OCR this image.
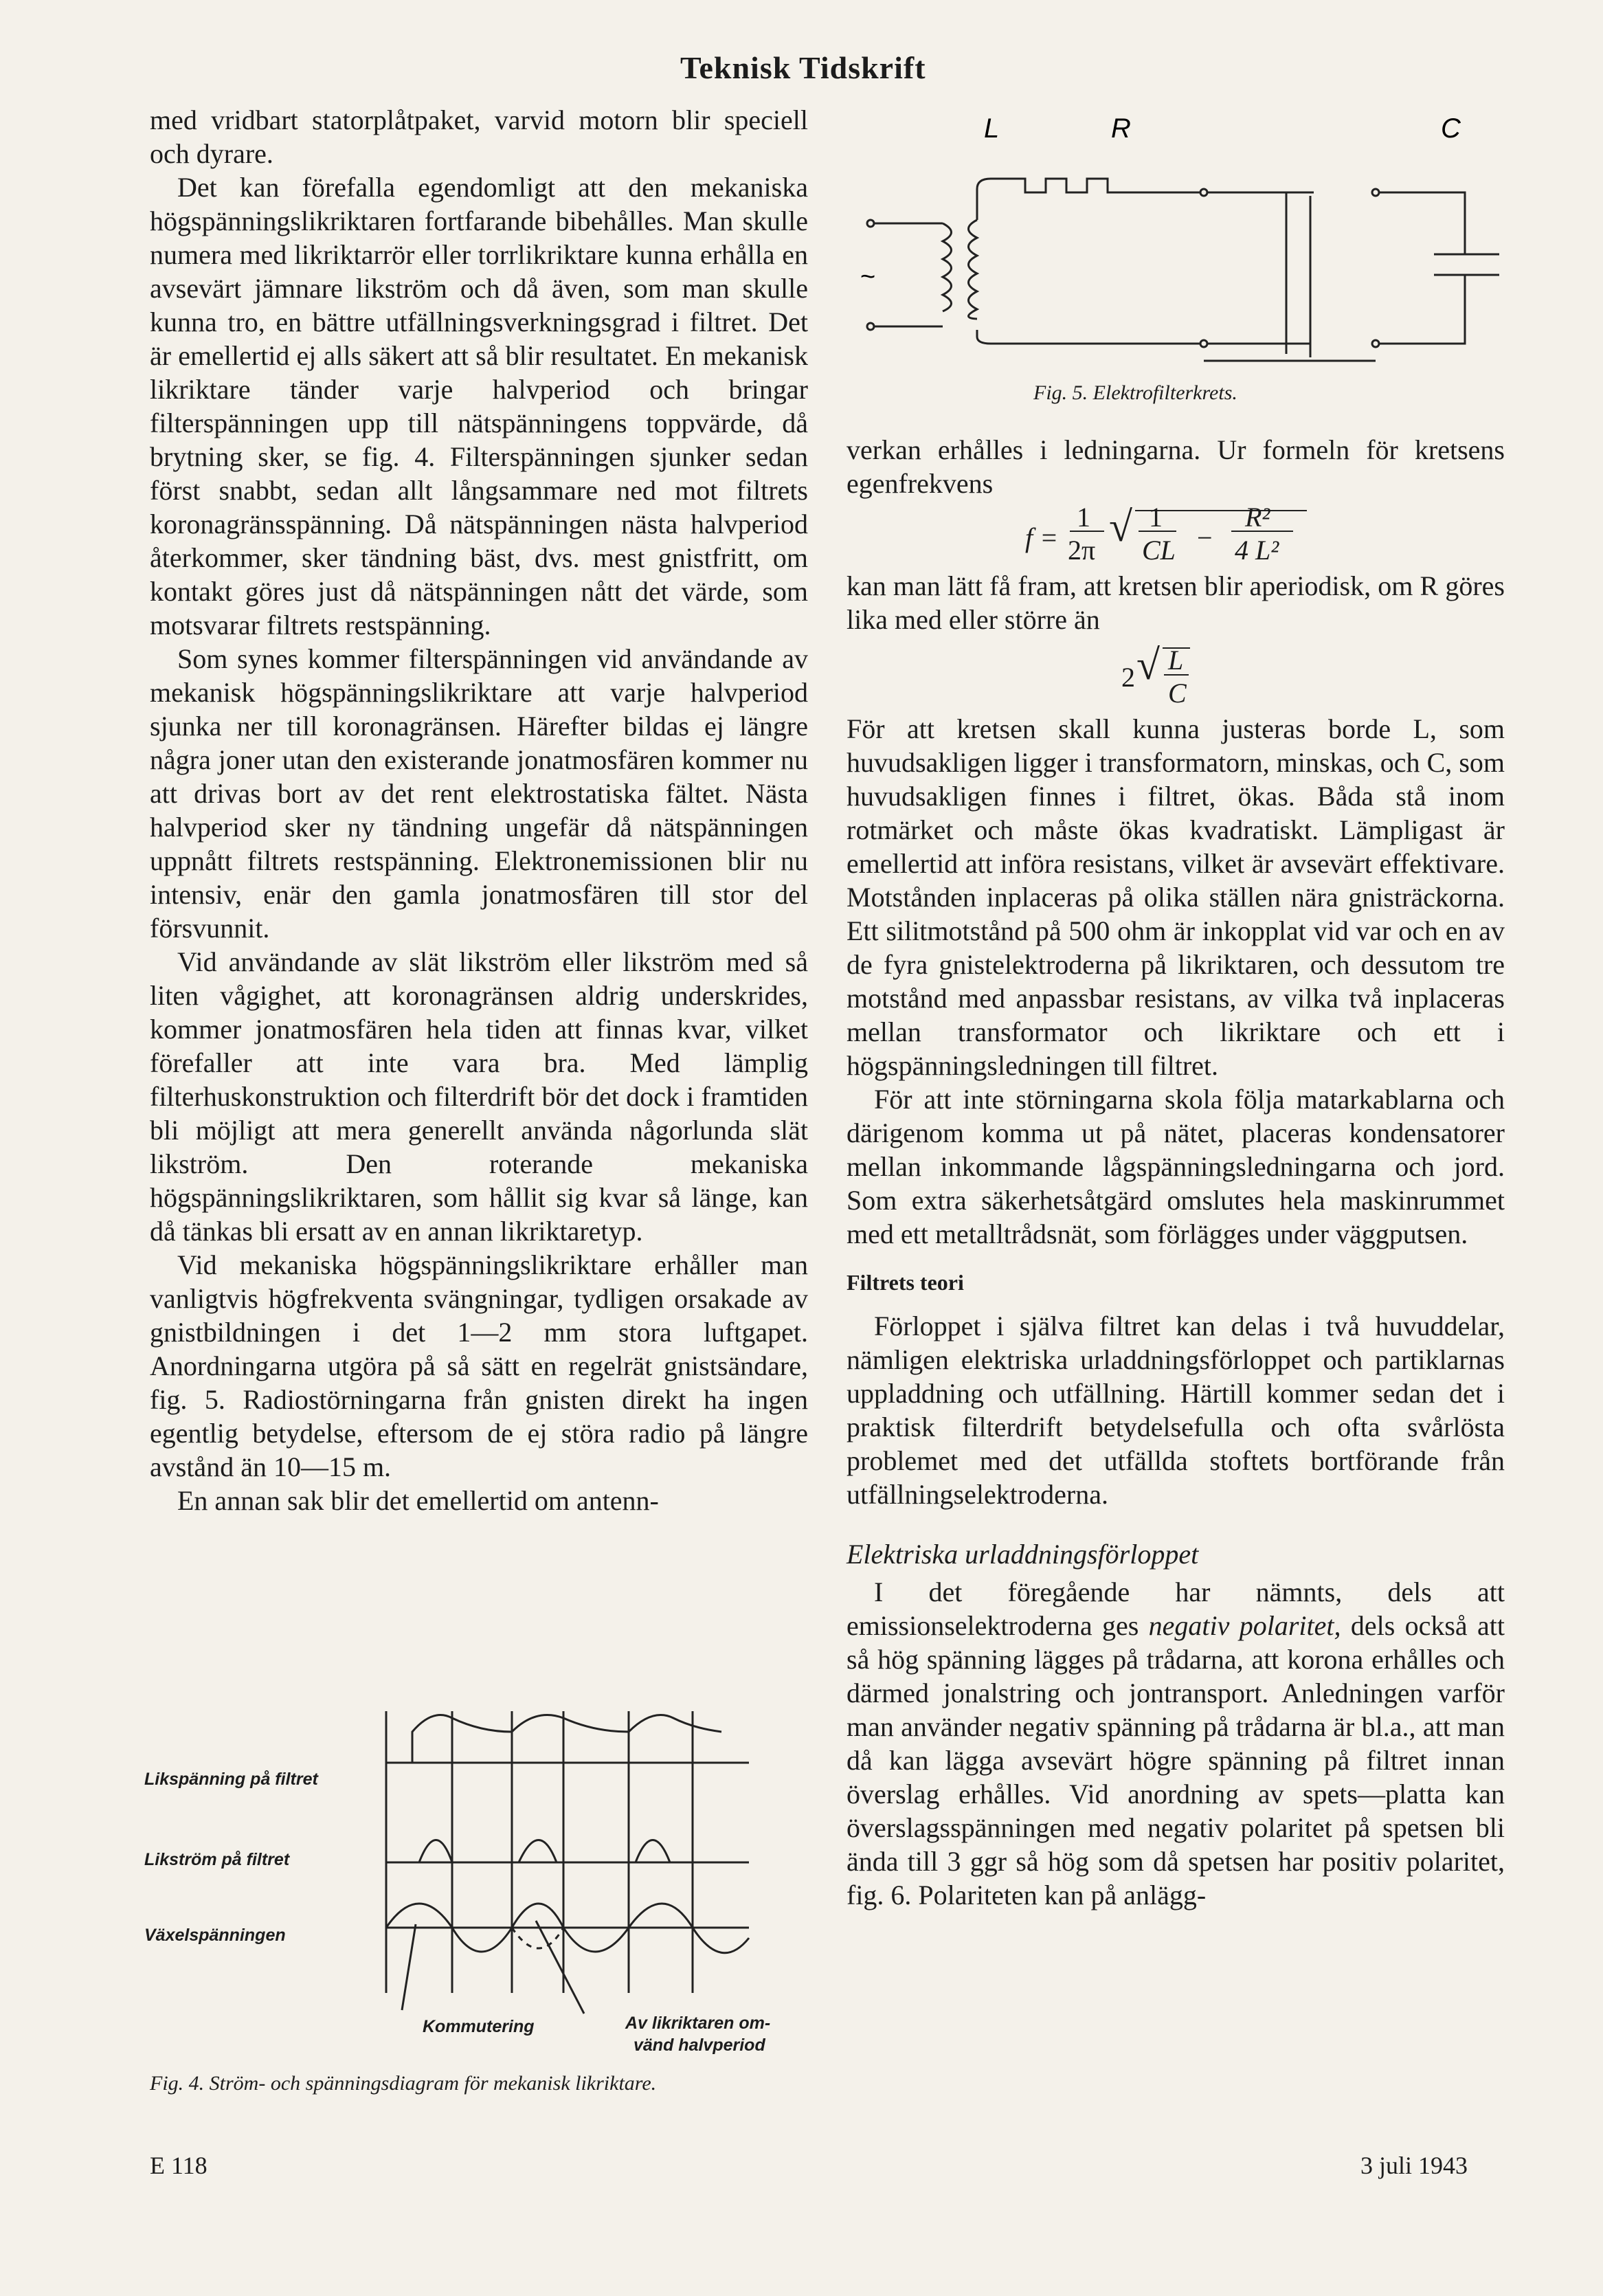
Teknisk Tidskrift

med vridbart statorplåtpaket, varvid motorn blir speciell och dyrare.

Det kan förefalla egendomligt att den mekaniska högspänningslikriktaren fortfarande bibehålles. Man skulle numera med likriktarrör eller torrlikriktare kunna erhålla en avsevärt jämnare likström och då även, som man skulle kunna tro, en bättre utfällningsverkningsgrad i filtret. Det är emellertid ej alls säkert att så blir resultatet. En mekanisk likriktare tänder varje halvperiod och bringar filterspänningen upp till nätspänningens toppvärde, då brytning sker, se fig. 4. Filterspänningen sjunker sedan först snabbt, sedan allt långsammare ned mot filtrets koronagränsspänning. Då nätspänningen nästa halvperiod återkommer, sker tändning bäst, dvs. mest gnistfritt, om kontakt göres just då nätspänningen nått det värde, som motsvarar filtrets restspänning.

Som synes kommer filterspänningen vid användande av mekanisk högspänningslikriktare att varje halvperiod sjunka ner till koronagränsen. Härefter bildas ej längre några joner utan den existerande jonatmosfären kommer nu att drivas bort av det rent elektrostatiska fältet. Nästa halvperiod sker ny tändning ungefär då nätspänningen uppnått filtrets restspänning. Elektronemissionen blir nu intensiv, enär den gamla jonatmosfären till stor del försvunnit.

Vid användande av slät likström eller likström med så liten vågighet, att koronagränsen aldrig underskrides, kommer jonatmosfären hela tiden att finnas kvar, vilket förefaller att inte vara bra. Med lämplig filterhuskonstruktion och filterdrift bör det dock i framtiden bli möjligt att mera generellt använda någorlunda slät likström. Den roterande mekaniska högspänningslikriktaren, som hållit sig kvar så länge, kan då tänkas bli ersatt av en annan likriktaretyp.

Vid mekaniska högspänningslikriktare erhåller man vanligtvis högfrekventa svängningar, tydligen orsakade av gnistbildningen i det 1—2 mm stora luftgapet. Anordningarna utgöra på så sätt en regelrät gnistsändare, fig. 5. Radiostörningarna från gnisten direkt ha ingen egentlig betydelse, eftersom de ej störa radio på längre avstånd än 10—15 m.

En annan sak blir det emellertid om antenn-

Likspänning på filtret
Likström på filtret
Växelspänningen
Kommutering	Av likriktaren om-
vänd halvperiod
Fig. 4. Ström- och spänningsdiagram för mekanisk likriktare.
L	R	C
~
Fig. 5. Elektrofilterkrets.

verkan erhålles i ledningarna. Ur formeln för kretsens egenfrekvens

f =
1
2π √ 1
CL −
R²
4 L²

kan man lätt få fram, att kretsen blir aperiodisk, om R göres lika med eller större än

2 √ L
C

För att kretsen skall kunna justeras borde L, som huvudsakligen ligger i transformatorn, minskas, och C, som huvudsakligen finnes i filtret, ökas. Båda stå inom rotmärket och måste ökas kvadratiskt. Lämpligast är emellertid att införa resistans, vilket är avsevärt effektivare. Motstånden inplaceras på olika ställen nära gnisträckorna. Ett silitmotstånd på 500 ohm är inkopplat vid var och en av de fyra gnistelektroderna på likriktaren, och dessutom tre motstånd med anpassbar resistans, av vilka två inplaceras mellan transformator och likriktare och ett i högspänningsledningen till filtret.

För att inte störningarna skola följa matarkablarna och därigenom komma ut på nätet, placeras kondensatorer mellan inkommande lågspänningsledningarna och jord. Som extra säkerhetsåtgärd omslutes hela maskinrummet med ett metalltrådsnät, som förlägges under väggputsen.

Filtrets teori

Förloppet i själva filtret kan delas i två huvuddelar, nämligen elektriska urladdningsförloppet och partiklarnas uppladdning och utfällning. Härtill kommer sedan det i praktisk filterdrift betydelsefulla och ofta svårlösta problemet med det utfällda stoftets bortförande från utfällningselektroderna.

Elektriska urladdningsförloppet

I det föregående har nämnts, dels att emissionselektroderna ges negativ polaritet, dels också att så hög spänning lägges på trådarna, att korona erhålles och därmed jonalstring och jontransport. Anledningen varför man använder negativ spänning på trådarna är bl.a., att man då kan lägga avsevärt högre spänning på filtret innan överslag erhålles. Vid anordning av spets—platta kan överslagsspänningen med negativ polaritet på spetsen bli ända till 3 ggr så hög som då spetsen har positiv polaritet, fig. 6. Polariteten kan på anlägg-

E 118	3 juli 1943
